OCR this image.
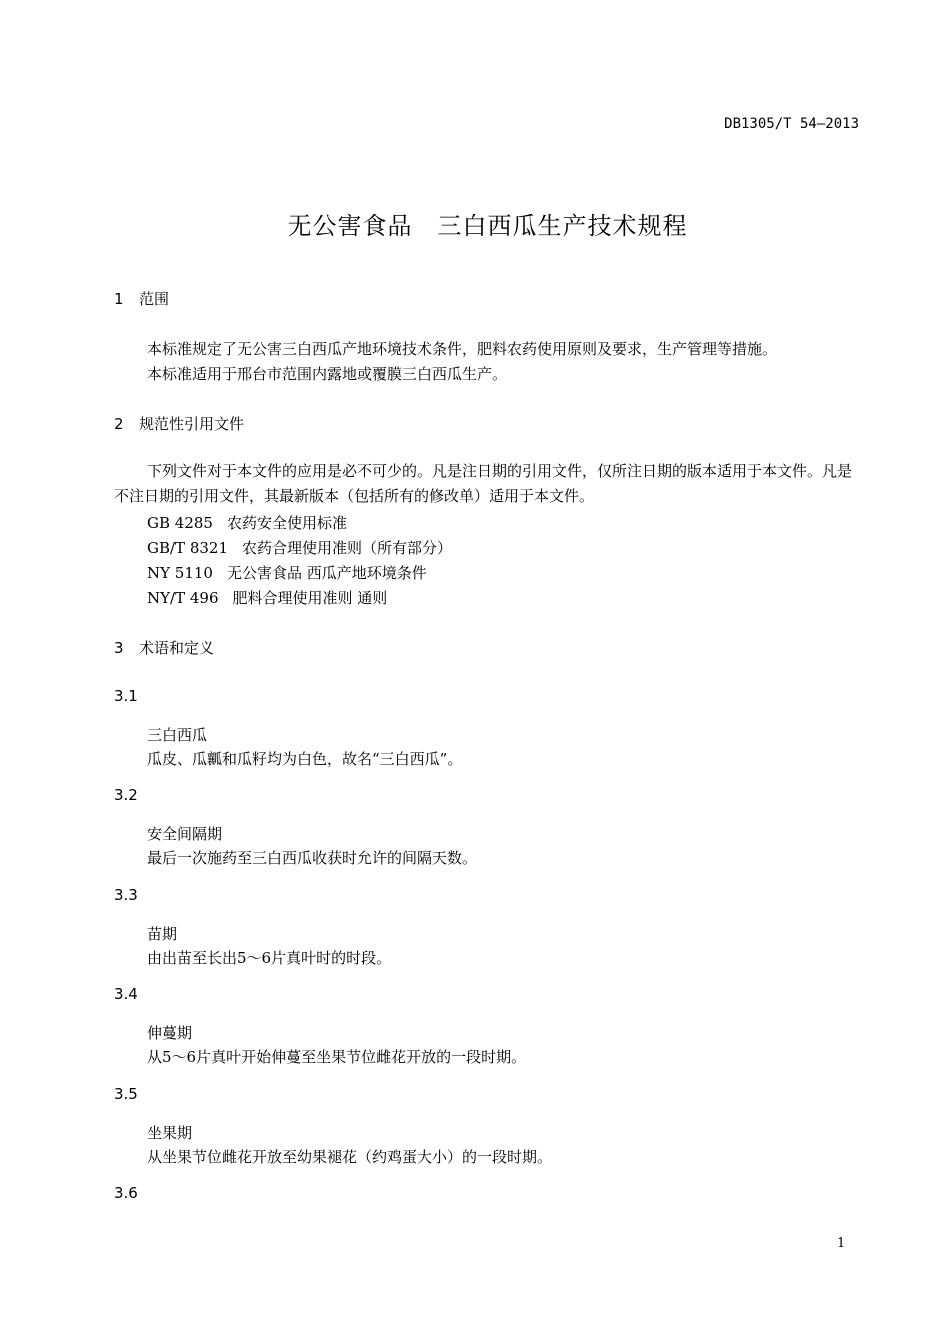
DB1305/T 54—2013
无公害食品　三白西瓜生产技术规程
1 范围
本标准规定了无公害三白西瓜产地环境技术条件，肥料农药使用原则及要求，生产管理等措施。
本标准适用于邢台市范围内露地或覆膜三白西瓜生产。
2 规范性引用文件
下列文件对于本文件的应用是必不可少的。凡是注日期的引用文件，仅所注日期的版本适用于本文件。凡是不注日期的引用文件，其最新版本（包括所有的修改单）适用于本文件。
GB 4285 农药安全使用标准
GB/T 8321 农药合理使用准则（所有部分）
NY 5110 无公害食品 西瓜产地环境条件
NY/T 496 肥料合理使用准则 通则
3 术语和定义
3.1
三白西瓜
瓜皮、瓜瓤和瓜籽均为白色，故名“三白西瓜”。
3.2
安全间隔期
最后一次施药至三白西瓜收获时允许的间隔天数。
3.3
苗期
由出苗至长出5～6片真叶时的时段。
3.4
伸蔓期
从5～6片真叶开始伸蔓至坐果节位雌花开放的一段时期。
3.5
坐果期
从坐果节位雌花开放至幼果褪花（约鸡蛋大小）的一段时期。
3.6
1
